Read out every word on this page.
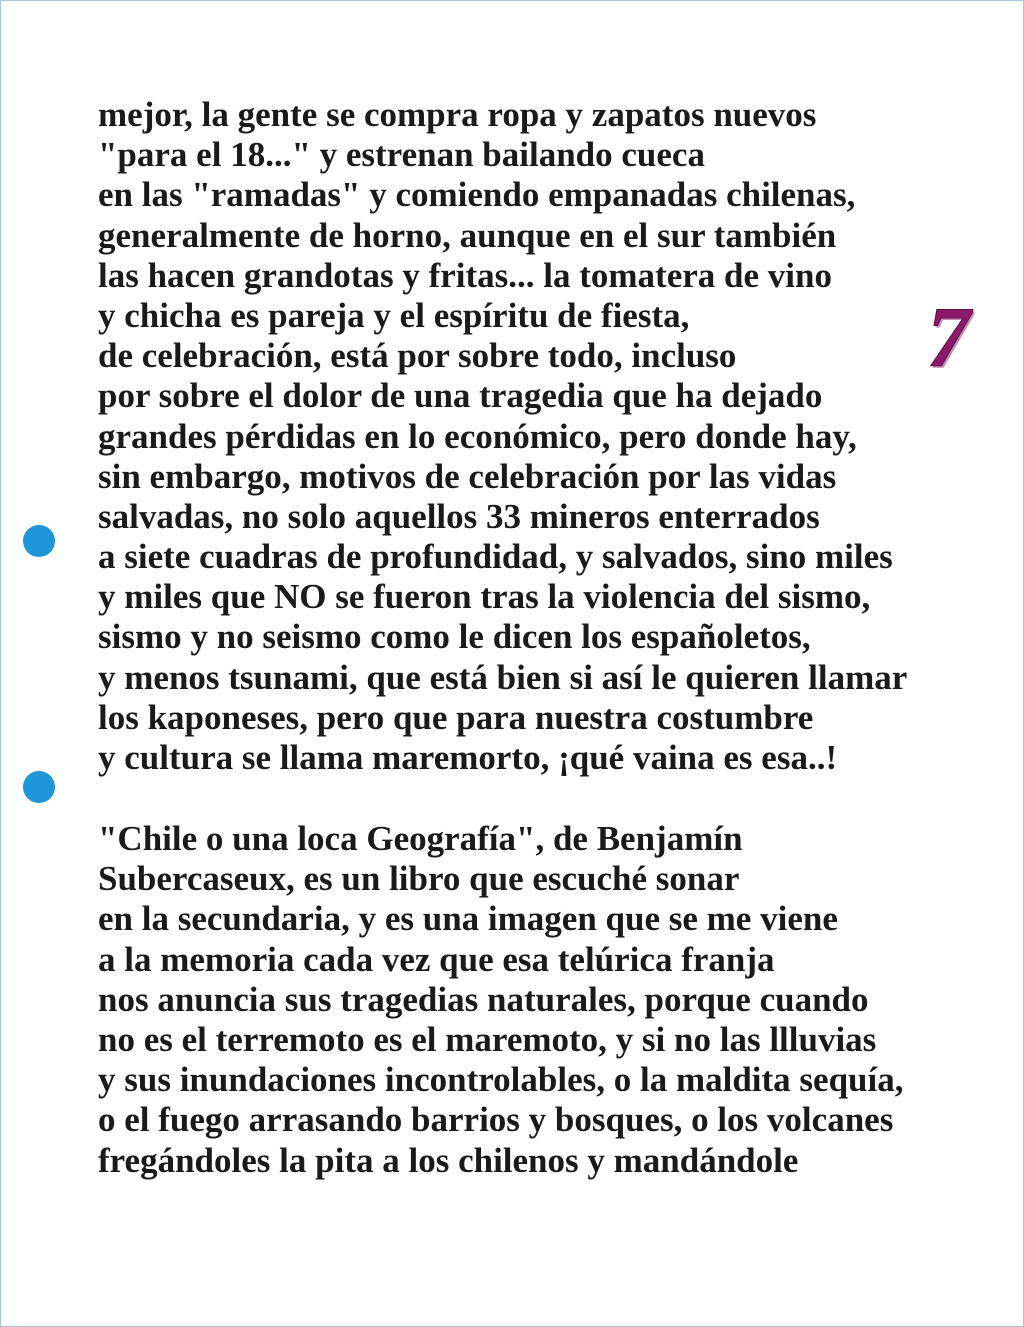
mejor, la gente se compra ropa y zapatos nuevos
"para el 18..." y estrenan bailando cueca
en las "ramadas" y comiendo empanadas chilenas,
generalmente de horno, aunque en el sur también
las hacen grandotas y fritas... la tomatera de vino
y chicha es pareja y el espíritu de fiesta,
de celebración, está por sobre todo, incluso
por sobre el dolor de una tragedia que ha dejado
grandes pérdidas en lo económico, pero donde hay,
sin embargo, motivos de celebración por las vidas
salvadas, no solo aquellos 33 mineros enterrados
a siete cuadras de profundidad, y salvados, sino miles
y miles que NO se fueron tras la violencia del sismo,
sismo y no seismo como le dicen los españoletos,
y menos tsunami, que está bien si así le quieren llamar
los kaponeses, pero que para nuestra costumbre
y cultura se llama maremorto, ¡qué vaina es esa..!
"Chile o una loca Geografía", de Benjamín
Subercaseux, es un libro que escuché sonar
en la secundaria, y es una imagen que se me viene
a la memoria cada vez que esa telúrica franja
nos anuncia sus tragedias naturales, porque cuando
no es el terremoto es el maremoto, y si no las llluvias
y sus inundaciones incontrolables, o la maldita sequía,
o el fuego arrasando barrios y bosques, o los volcanes
fregándoles la pita a los chilenos y mandándole
7
